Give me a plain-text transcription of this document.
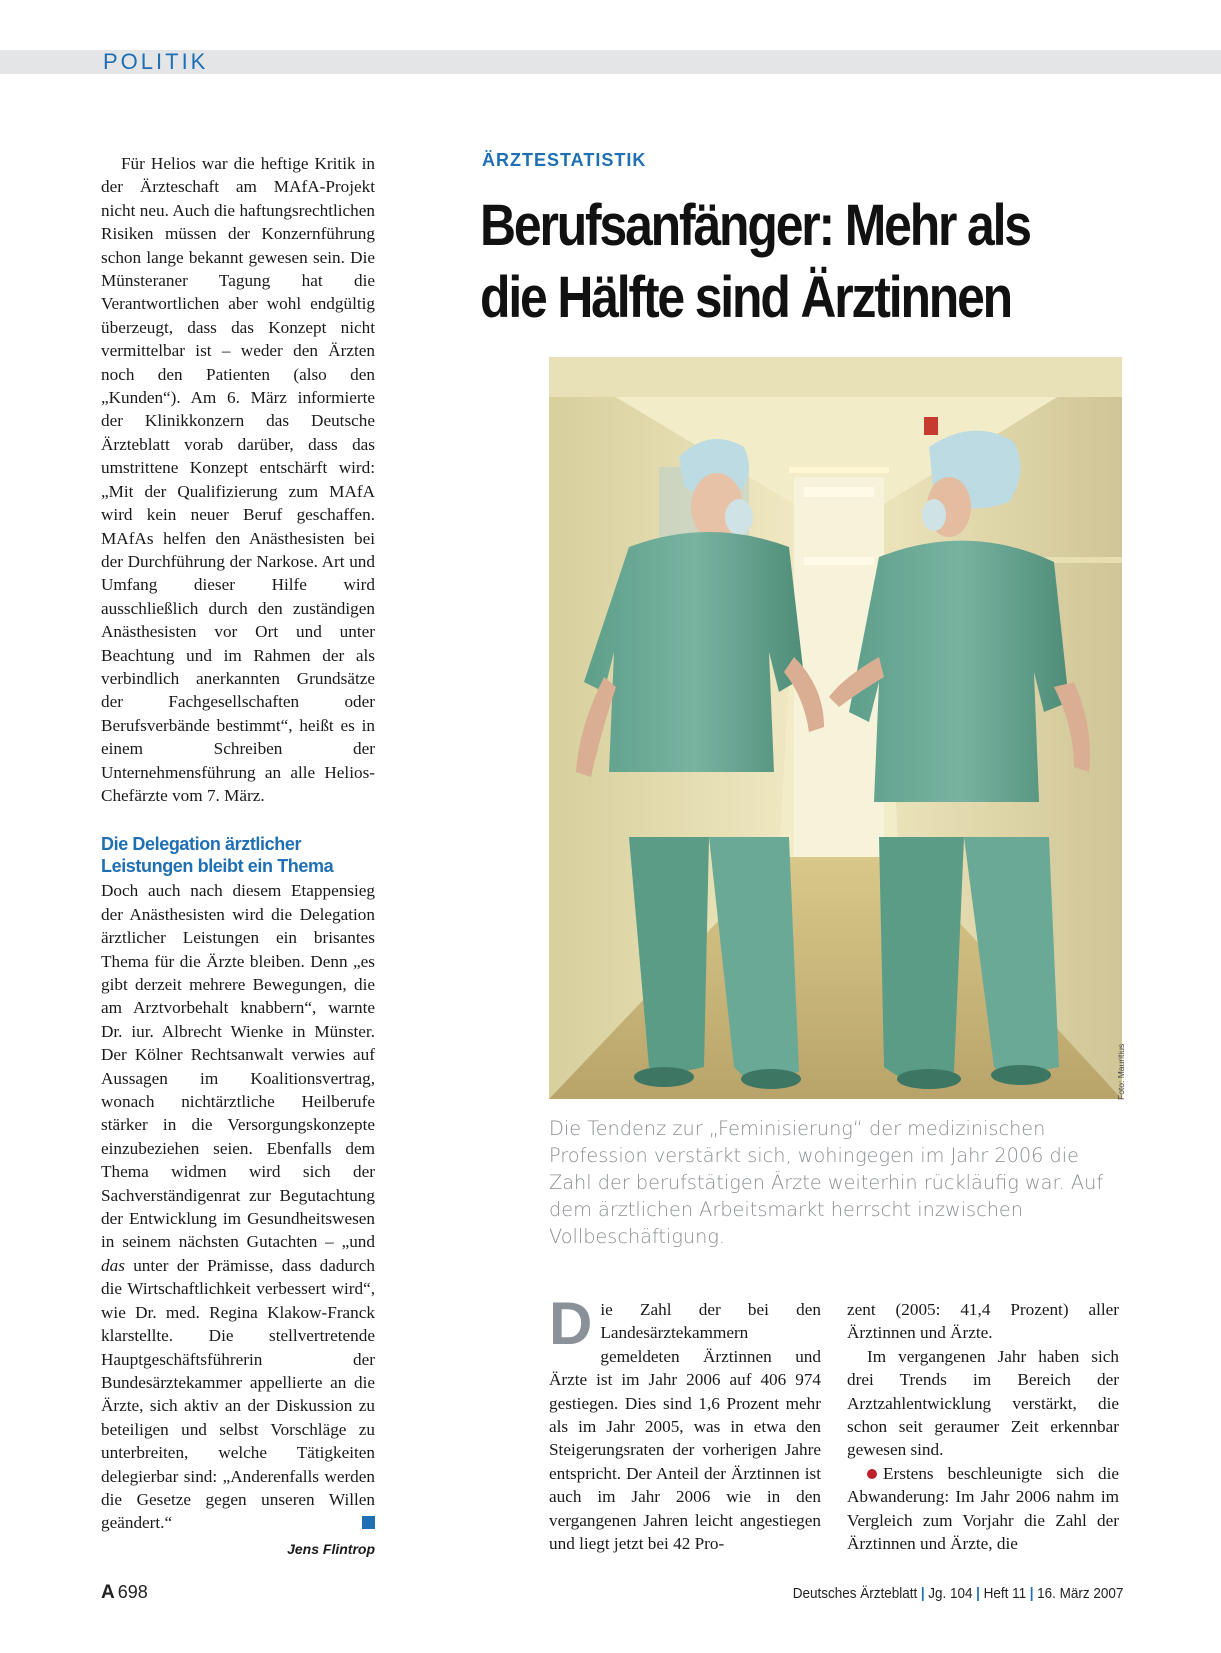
POLITIK

Für Helios war die heftige Kritik in der Ärzteschaft am MAfA-Projekt nicht neu. Auch die haftungsrechtlichen Risiken müssen der Konzernführung schon lange bekannt gewesen sein. Die Münsteraner Tagung hat die Verantwortlichen aber wohl endgültig überzeugt, dass das Konzept nicht vermittelbar ist – weder den Ärzten noch den Patienten (also den „Kunden“). Am 6. März informierte der Klinikkonzern das Deutsche Ärzteblatt vorab darüber, dass das umstrittene Konzept entschärft wird: „Mit der Qualifizierung zum MAfA wird kein neuer Beruf geschaffen. MAfAs helfen den Anästhesisten bei der Durchführung der Narkose. Art und Umfang dieser Hilfe wird ausschließlich durch den zuständigen Anästhesisten vor Ort und unter Beachtung und im Rahmen der als verbindlich anerkannten Grundsätze der Fachgesellschaften oder Berufsverbände bestimmt“, heißt es in einem Schreiben der Unternehmensführung an alle Helios-Chefärzte vom 7. März.

Die Delegation ärztlicher Leistungen bleibt ein Thema

Doch auch nach diesem Etappensieg der Anästhesisten wird die Delegation ärztlicher Leistungen ein brisantes Thema für die Ärzte bleiben. Denn „es gibt derzeit mehrere Bewegungen, die am Arztvorbehalt knabbern“, warnte Dr. iur. Albrecht Wienke in Münster. Der Kölner Rechtsanwalt verwies auf Aussagen im Koalitionsvertrag, wonach nichtärztliche Heilberufe stärker in die Versorgungskonzepte einzubeziehen seien. Ebenfalls dem Thema widmen wird sich der Sachverständigenrat zur Begutachtung der Entwicklung im Gesundheitswesen in seinem nächsten Gutachten – „und das unter der Prämisse, dass dadurch die Wirtschaftlichkeit verbessert wird“, wie Dr. med. Regina Klakow-Franck klarstellte. Die stellvertretende Hauptgeschäftsführerin der Bundesärztekammer appellierte an die Ärzte, sich aktiv an der Diskussion zu beteiligen und selbst Vorschläge zu unterbreiten, welche Tätigkeiten delegierbar sind: „Anderenfalls werden die Gesetze gegen unseren Willen geändert.“

Jens Flintrop
ÄRZTESTATISTIK
Berufsanfänger: Mehr als
die Hälfte sind Ärztinnen
Foto: Mauritius
Die Tendenz zur „Feminisierung“ der medizinischen Profession verstärkt sich, wohingegen im Jahr 2006 die Zahl der berufstätigen Ärzte weiterhin rückläufig war. Auf dem ärztlichen Arbeitsmarkt herrscht inzwischen Vollbeschäftigung.
D ie Zahl der bei den Landesärztekammern gemeldeten Ärztinnen und Ärzte ist im Jahr 2006 auf 406 974 gestiegen. Dies sind 1,6 Prozent mehr als im Jahr 2005, was in etwa den Steigerungsraten der vorherigen Jahre entspricht. Der Anteil der Ärztinnen ist auch im Jahr 2006 wie in den vergangenen Jahren leicht angestiegen und liegt jetzt bei 42 Pro-

zent (2005: 41,4 Prozent) aller Ärztinnen und Ärzte.

Im vergangenen Jahr haben sich drei Trends im Bereich der Arztzahlentwicklung verstärkt, die schon seit geraumer Zeit erkennbar gewesen sind.

Erstens beschleunigte sich die Abwanderung: Im Jahr 2006 nahm im Vergleich zum Vorjahr die Zahl der Ärztinnen und Ärzte, die

A 698	Deutsches Ärzteblatt | Jg. 104 | Heft 11 | 16. März 2007
